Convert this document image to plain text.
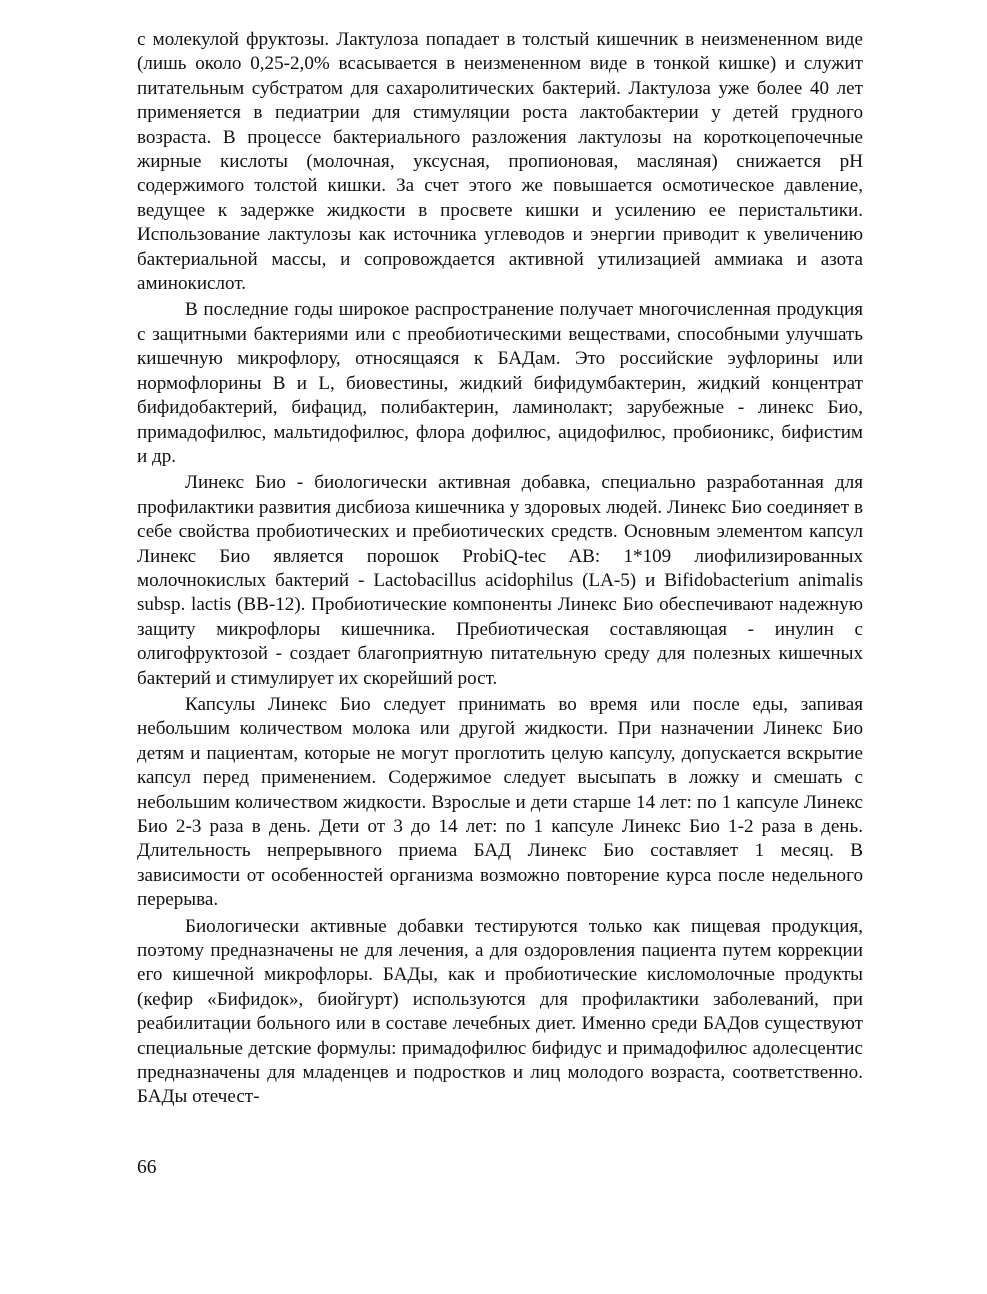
с молекулой фруктозы. Лактулоза попадает в толстый кишечник в неизмененном виде (лишь около 0,25-2,0% всасывается в неизмененном виде в тонкой кишке) и служит питательным субстратом для сахаролитических бактерий. Лактулоза уже более 40 лет применяется в педиатрии для стимуляции роста лактобактерии у детей грудного возраста. В процессе бактериального разложения лактулозы на короткоцепочечные жирные кислоты (молочная, уксусная, пропионовая, масляная) снижается pH содержимого толстой кишки. За счет этого же повышается осмотическое давление, ведущее к задержке жидкости в просвете кишки и усилению ее перистальтики. Использование лактулозы как источника углеводов и энергии приводит к увеличению бактериальной массы, и сопровождается активной утилизацией аммиака и азота аминокислот.

В последние годы широкое распространение получает многочисленная продукция с защитными бактериями или с преобиотическими веществами, способными улучшать кишечную микрофлору, относящаяся к БАДам. Это российские эуфлорины или нормофлорины B и L, биовестины, жидкий бифидумбактерин, жидкий концентрат бифидобактерий, бифацид, полибактерин, ламинолакт; зарубежные - линекс Био, примадофилюс, мальтидофилюс, флора дофилюс, ацидофилюс, пробионикс, бифистим и др.

Линекс Био - биологически активная добавка, специально разработанная для профилактики развития дисбиоза кишечника у здоровых людей. Линекс Био соединяет в себе свойства пробиотических и пребиотических средств. Основным элементом капсул Линекс Био является порошок ProbiQ-tec AB: 1*109 лиофилизированных молочнокислых бактерий - Lactobacillus acidophilus (LA-5) и Bifidobacterium animalis subsp. lactis (BB-12). Пробиотические компоненты Линекс Био обеспечивают надежную защиту микрофлоры кишечника. Пребиотическая составляющая - инулин с олигофруктозой - создает благоприятную питательную среду для полезных кишечных бактерий и стимулирует их скорейший рост.

Капсулы Линекс Био следует принимать во время или после еды, запивая небольшим количеством молока или другой жидкости. При назначении Линекс Био детям и пациентам, которые не могут проглотить целую капсулу, допускается вскрытие капсул перед применением. Содержимое следует высыпать в ложку и смешать с небольшим количеством жидкости. Взрослые и дети старше 14 лет: по 1 капсуле Линекс Био 2-3 раза в день. Дети от 3 до 14 лет: по 1 капсуле Линекс Био 1-2 раза в день. Длительность непрерывного приема БАД Линекс Био составляет 1 месяц. В зависимости от особенностей организма возможно повторение курса после недельного перерыва.

Биологически активные добавки тестируются только как пищевая продукция, поэтому предназначены не для лечения, а для оздоровления пациента путем коррекции его кишечной микрофлоры. БАДы, как и пробиотические кисломолочные продукты (кефир «Бифидок», биойгурт) используются для профилактики заболеваний, при реабилитации больного или в составе лечебных диет. Именно среди БАДов существуют специальные детские формулы: примадофилюс бифидус и примадофилюс адолесцентис предназначены для младенцев и подростков и лиц молодого возраста, соответственно. БАДы отечест-

66
